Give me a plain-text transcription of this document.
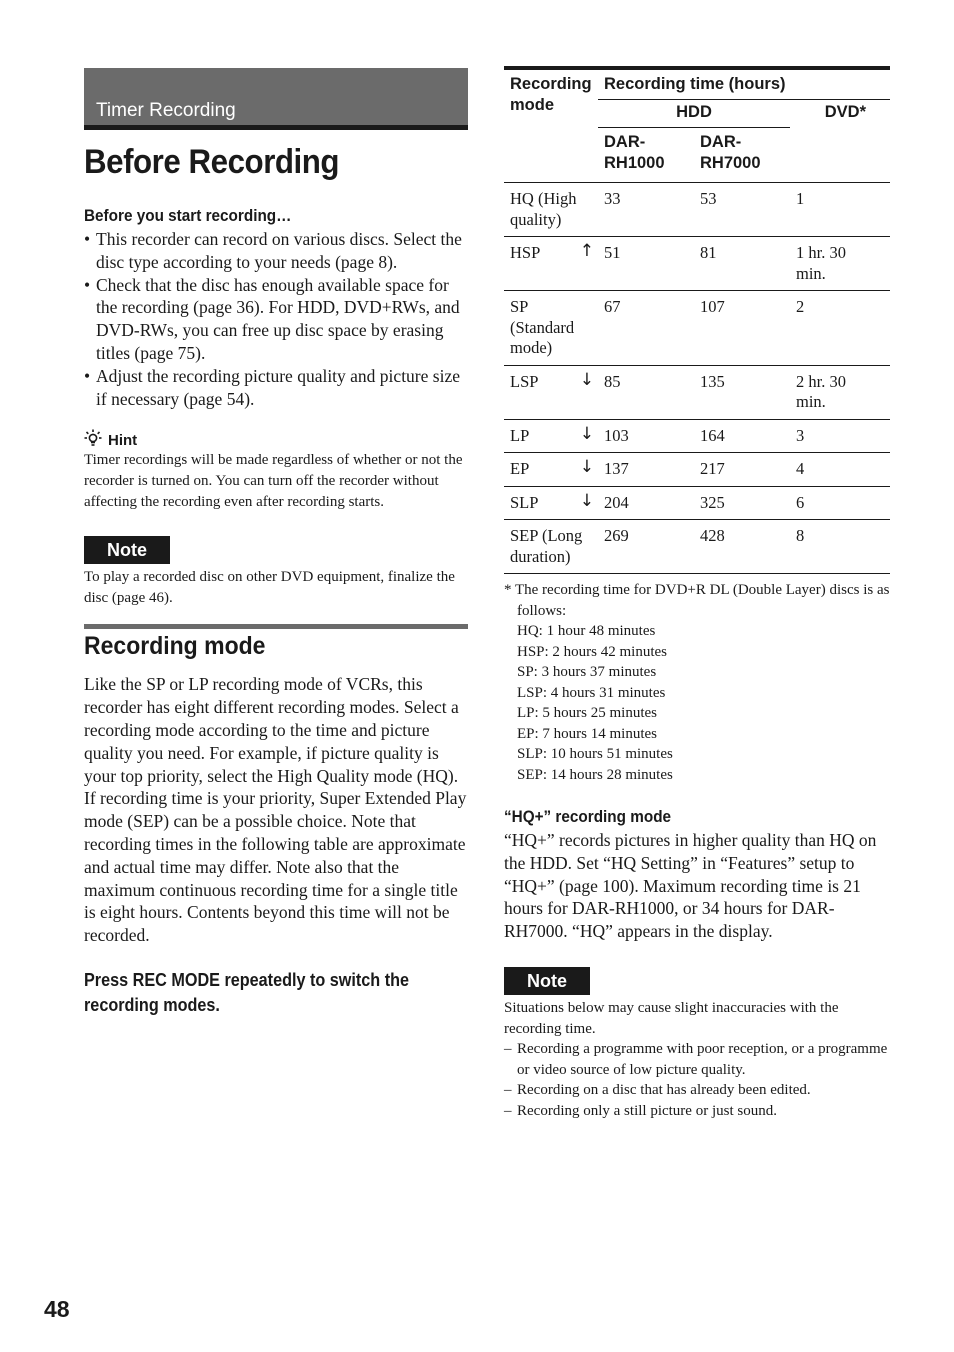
Timer Recording
Before Recording
Before you start recording…
• This recorder can record on various discs. Select the disc type according to your needs (page 8).
• Check that the disc has enough available space for the recording (page 36). For HDD, DVD+RWs, and DVD-RWs, you can free up disc space by erasing titles (page 75).
• Adjust the recording picture quality and picture size if necessary (page 54).
Hint

Timer recordings will be made regardless of whether or not the recorder is turned on. You can turn off the recorder without affecting the recording even after recording starts.

Note

To play a recorded disc on other DVD equipment, finalize the disc (page 46).

Recording mode

Like the SP or LP recording mode of VCRs, this recorder has eight different recording modes. Select a recording mode according to the time and picture quality you need. For example, if picture quality is your top priority, select the High Quality mode (HQ). If recording time is your priority, Super Extended Play mode (SEP) can be a possible choice. Note that recording times in the following table are approximate and actual time may differ. Note also that the maximum continuous recording time for a single title is eight hours. Contents beyond this time will not be recorded.

Press REC MODE repeatedly to switch the recording modes.

Recording mode	Recording time (hours)		
	HDD		DVD*
	DAR-RH1000	DAR-RH7000	
HQ (High quality)	33	53	1
HSP ↑	51	81	1 hr. 30 min.
SP (Standard mode)	67	107	2
LSP ↓	85	135	2 hr. 30 min.
LP ↓	103	164	3
EP ↓	137	217	4
SLP ↓	204	325	6
SEP (Long duration)	269	428	8

* The recording time for DVD+R DL (Double Layer) discs is as follows:

HQ: 1 hour 48 minutes
HSP: 2 hours 42 minutes
SP: 3 hours 37 minutes
LSP: 4 hours 31 minutes
LP: 5 hours 25 minutes
EP: 7 hours 14 minutes
SLP: 10 hours 51 minutes
SEP: 14 hours 28 minutes
“HQ+” recording mode

“HQ+” records pictures in higher quality than HQ on the HDD. Set “HQ Setting” in “Features” setup to “HQ+” (page 100). Maximum recording time is 21 hours for DAR-RH1000, or 34 hours for DAR-RH7000. “HQ” appears in the display.

Note

Situations below may cause slight inaccuracies with the recording time.

– Recording a programme with poor reception, or a programme or video source of low picture quality.
– Recording on a disc that has already been edited.
– Recording only a still picture or just sound.
48
